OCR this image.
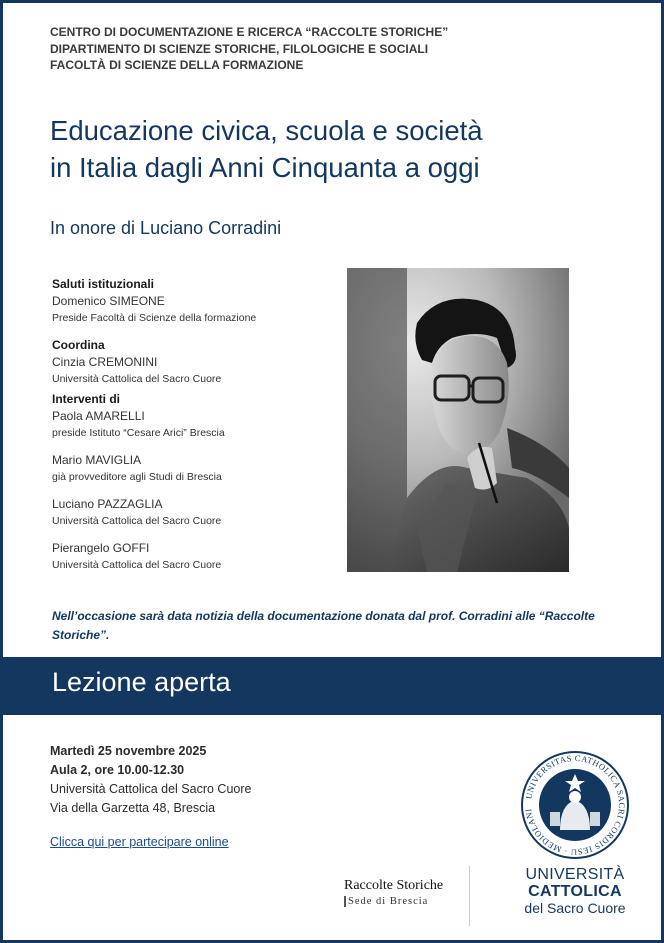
CENTRO DI DOCUMENTAZIONE E RICERCA “RACCOLTE STORICHE”
DIPARTIMENTO DI SCIENZE STORICHE, FILOLOGICHE E SOCIALI
FACOLTÀ DI SCIENZE DELLA FORMAZIONE
Educazione civica, scuola e società
in Italia dagli Anni Cinquanta a oggi
In onore di Luciano Corradini
Saluti istituzionali
Domenico SIMEONE
Preside Facoltà di Scienze della formazione
Coordina
Cinzia CREMONINI
Università Cattolica del Sacro Cuore
Interventi di
Paola AMARELLI
preside Istituto “Cesare Arici” Brescia
Mario MAVIGLIA
già provveditore agli Studi di Brescia
Luciano PAZZAGLIA
Università Cattolica del Sacro Cuore
Pierangelo GOFFI
Università Cattolica del Sacro Cuore
Nell’occasione sarà data notizia della documentazione donata dal prof. Corradini alle “Raccolte Storiche”.
Lezione aperta
Martedì 25 novembre 2025
Aula 2, ore 10.00-12.30
Università Cattolica del Sacro Cuore
Via della Garzetta 48, Brescia
Clicca qui per partecipare online
Raccolte Storiche
Sede di Brescia
UNIVERSITAS CATHOLICA SACRI CORDIS IESU · MEDIOLANI
UNIVERSITÀ
CATTOLICA
del Sacro Cuore
